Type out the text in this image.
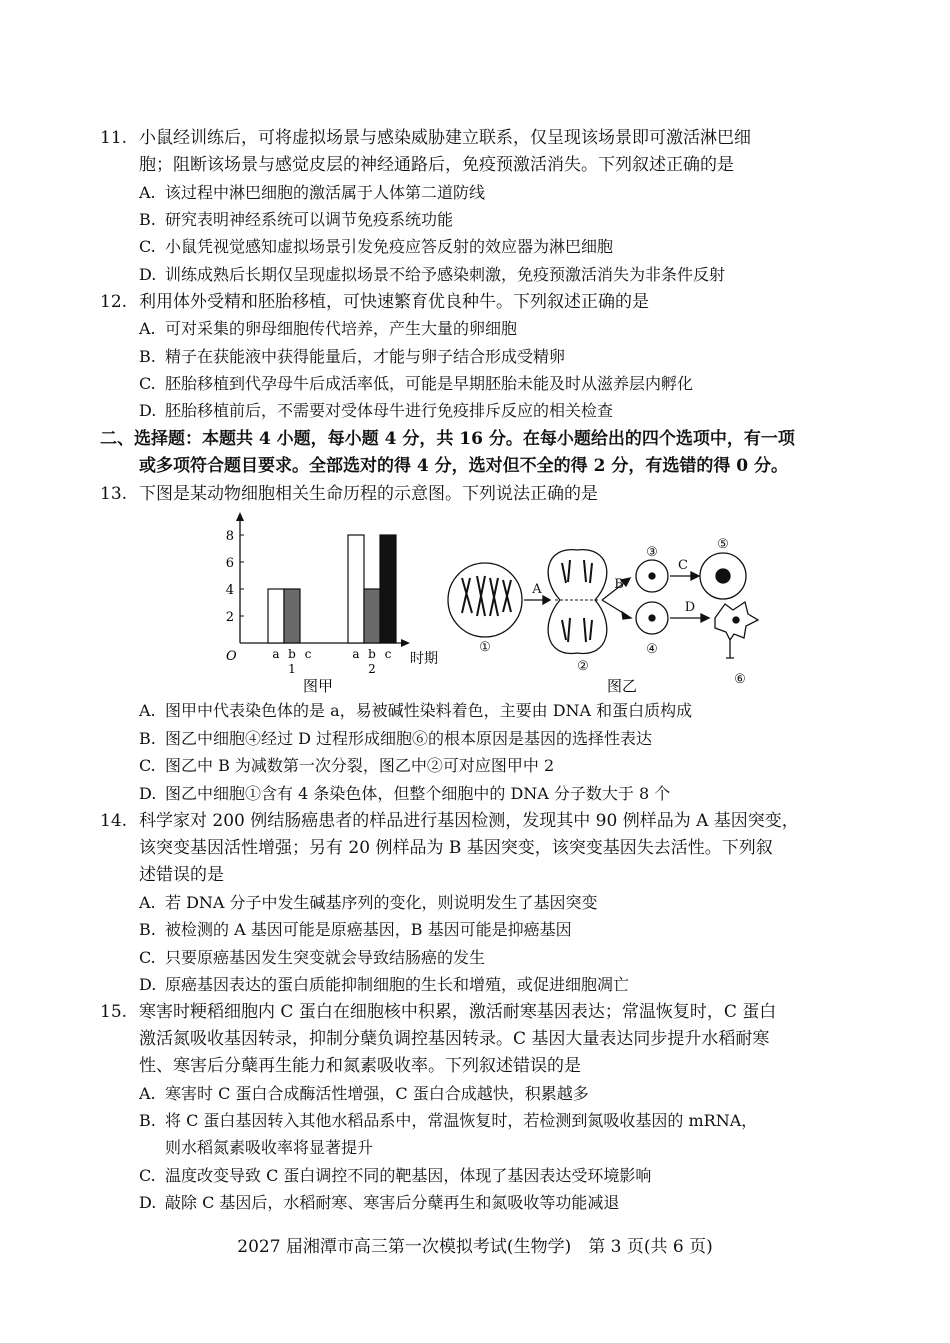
11. 小鼠经训练后，可将虚拟场景与感染威胁建立联系，仅呈现该场景即可激活淋巴细
胞；阻断该场景与感觉皮层的神经通路后，免疫预激活消失。下列叙述正确的是
A. 该过程中淋巴细胞的激活属于人体第二道防线
B. 研究表明神经系统可以调节免疫系统功能
C. 小鼠凭视觉感知虚拟场景引发免疫应答反射的效应器为淋巴细胞
D. 训练成熟后长期仅呈现虚拟场景不给予感染刺激，免疫预激活消失为非条件反射
12. 利用体外受精和胚胎移植，可快速繁育优良种牛。下列叙述正确的是
A. 可对采集的卵母细胞传代培养，产生大量的卵细胞
B. 精子在获能液中获得能量后，才能与卵子结合形成受精卵
C. 胚胎移植到代孕母牛后成活率低，可能是早期胚胎未能及时从滋养层内孵化
D. 胚胎移植前后，不需要对受体母牛进行免疫排斥反应的相关检查
二、选择题：本题共 4 小题，每小题 4 分，共 16 分。在每小题给出的四个选项中，有一项
或多项符合题目要求。全部选对的得 4 分，选对但不全的得 2 分，有选错的得 0 分。
13. 下图是某动物细胞相关生命历程的示意图。下列说法正确的是
2
4
6
8
O	时期
a b c
1
a b c
2
图甲
①
②
③
④
⑤
⑥
A	B
C
D
图乙
A. 图甲中代表染色体的是 a，易被碱性染料着色，主要由 DNA 和蛋白质构成
B. 图乙中细胞④经过 D 过程形成细胞⑥的根本原因是基因的选择性表达
C. 图乙中 B 为减数第一次分裂，图乙中②可对应图甲中 2
D. 图乙中细胞①含有 4 条染色体，但整个细胞中的 DNA 分子数大于 8 个
14. 科学家对 200 例结肠癌患者的样品进行基因检测，发现其中 90 例样品为 A 基因突变，
该突变基因活性增强；另有 20 例样品为 B 基因突变，该突变基因失去活性。下列叙
述错误的是
A. 若 DNA 分子中发生碱基序列的变化，则说明发生了基因突变
B. 被检测的 A 基因可能是原癌基因，B 基因可能是抑癌基因
C. 只要原癌基因发生突变就会导致结肠癌的发生
D. 原癌基因表达的蛋白质能抑制细胞的生长和增殖，或促进细胞凋亡
15. 寒害时粳稻细胞内 C 蛋白在细胞核中积累，激活耐寒基因表达；常温恢复时，C 蛋白
激活氮吸收基因转录，抑制分蘖负调控基因转录。C 基因大量表达同步提升水稻耐寒
性、寒害后分蘖再生能力和氮素吸收率。下列叙述错误的是
A. 寒害时 C 蛋白合成酶活性增强，C 蛋白合成越快，积累越多
B. 将 C 蛋白基因转入其他水稻品系中，常温恢复时，若检测到氮吸收基因的 mRNA，
则水稻氮素吸收率将显著提升
C. 温度改变导致 C 蛋白调控不同的靶基因，体现了基因表达受环境影响
D. 敲除 C 基因后，水稻耐寒、寒害后分蘖再生和氮吸收等功能减退
2027 届湘潭市高三第一次模拟考试(生物学)　第 3 页(共 6 页)
